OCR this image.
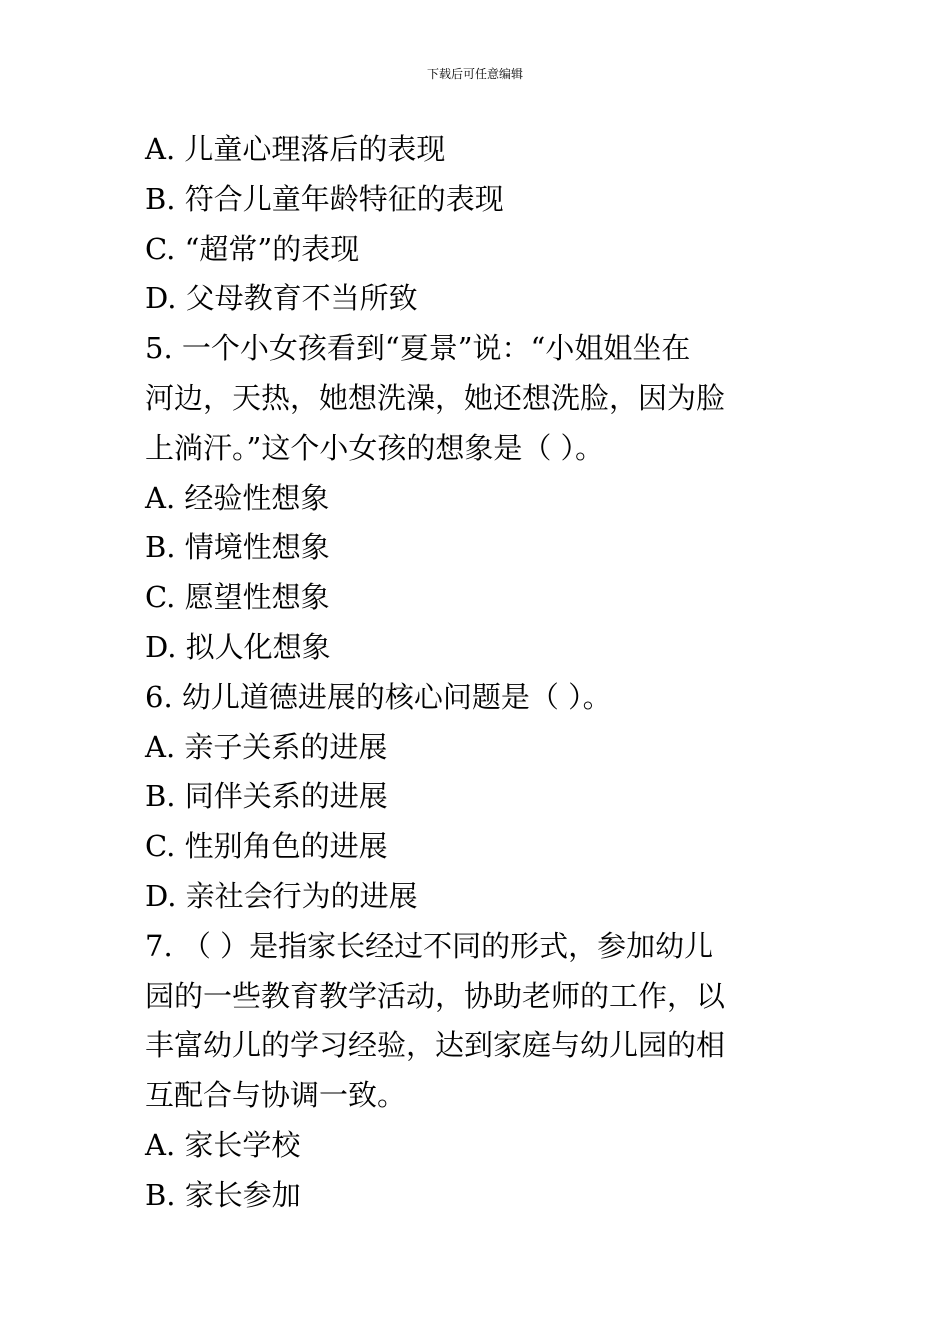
下载后可任意编辑
A. 儿童心理落后的表现
B. 符合儿童年龄特征的表现
C. “超常”的表现
D. 父母教育不当所致
5. 一个小女孩看到“夏景”说：“小姐姐坐在
河边，天热，她想洗澡，她还想洗脸，因为脸
上淌汗。”这个小女孩的想象是（ ）。
A. 经验性想象
B. 情境性想象
C. 愿望性想象
D. 拟人化想象
6. 幼儿道德进展的核心问题是（ ）。
A. 亲子关系的进展
B. 同伴关系的进展
C. 性别角色的进展
D. 亲社会行为的进展
7. （ ）是指家长经过不同的形式，参加幼儿
园的一些教育教学活动，协助老师的工作，以
丰富幼儿的学习经验，达到家庭与幼儿园的相
互配合与协调一致。
A. 家长学校
B. 家长参加
